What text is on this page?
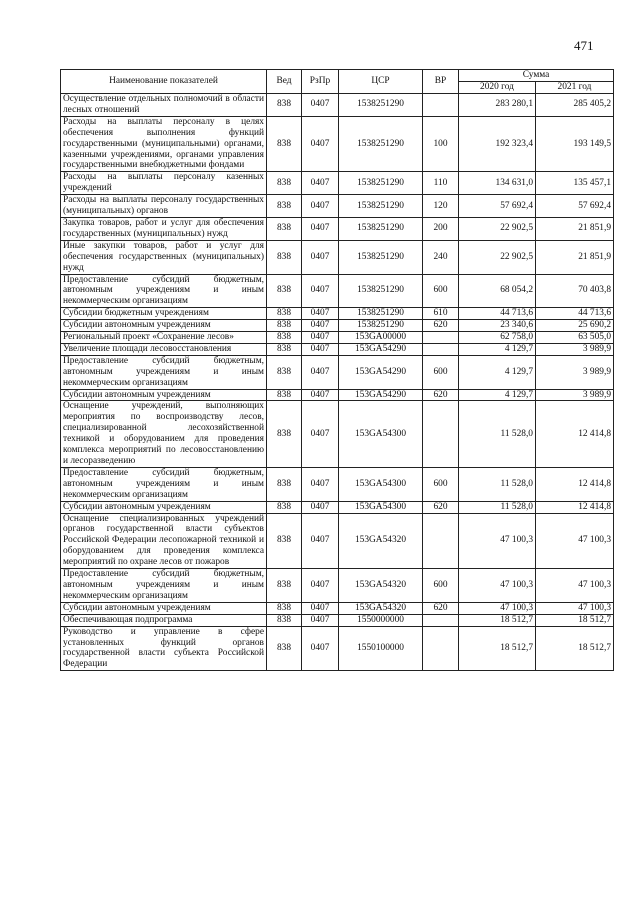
471
Наименование показателей	Вед	РзПр	ЦСР	ВР	Сумма	
					2020 год	2021 год
Осуществление отдельных полномочий в области лесных отношений	838	0407	1538251290		283 280,1	285 405,2
Расходы на выплаты персоналу в целях обеспечения выполнения функций государственными (муниципальными) органами, казенными учреждениями, органами управления государственными внебюджетными фондами	838	0407	1538251290	100	192 323,4	193 149,5
Расходы на выплаты персоналу казенных учреждений	838	0407	1538251290	110	134 631,0	135 457,1
Расходы на выплаты персоналу государственных (муниципальных) органов	838	0407	1538251290	120	57 692,4	57 692,4
Закупка товаров, работ и услуг для обеспечения государственных (муниципальных) нужд	838	0407	1538251290	200	22 902,5	21 851,9
Иные закупки товаров, работ и услуг для обеспечения государственных (муниципальных) нужд	838	0407	1538251290	240	22 902,5	21 851,9
Предоставление субсидий бюджетным, автономным учреждениям и иным некоммерческим организациям	838	0407	1538251290	600	68 054,2	70 403,8
Субсидии бюджетным учреждениям	838	0407	1538251290	610	44 713,6	44 713,6
Субсидии автономным учреждениям	838	0407	1538251290	620	23 340,6	25 690,2
Региональный проект «Сохранение лесов»	838	0407	153GA00000		62 758,0	63 505,0
Увеличение площади лесовосстановления	838	0407	153GA54290		4 129,7	3 989,9
Предоставление субсидий бюджетным, автономным учреждениям и иным некоммерческим организациям	838	0407	153GA54290	600	4 129,7	3 989,9
Субсидии автономным учреждениям	838	0407	153GA54290	620	4 129,7	3 989,9
Оснащение учреждений, выполняющих мероприятия по воспроизводству лесов, специализированной лесохозяйственной техникой и оборудованием для проведения комплекса мероприятий по лесовосстановлению и лесоразведению	838	0407	153GA54300		11 528,0	12 414,8
Предоставление субсидий бюджетным, автономным учреждениям и иным некоммерческим организациям	838	0407	153GA54300	600	11 528,0	12 414,8
Субсидии автономным учреждениям	838	0407	153GA54300	620	11 528,0	12 414,8
Оснащение специализированных учреждений органов государственной власти субъектов Российской Федерации лесопожарной техникой и оборудованием для проведения комплекса мероприятий по охране лесов от пожаров	838	0407	153GA54320		47 100,3	47 100,3
Предоставление субсидий бюджетным, автономным учреждениям и иным некоммерческим организациям	838	0407	153GA54320	600	47 100,3	47 100,3
Субсидии автономным учреждениям	838	0407	153GA54320	620	47 100,3	47 100,3
Обеспечивающая подпрограмма	838	0407	1550000000		18 512,7	18 512,7
Руководство и управление в сфере установленных функций органов государственной власти субъекта Российской Федерации	838	0407	1550100000		18 512,7	18 512,7
